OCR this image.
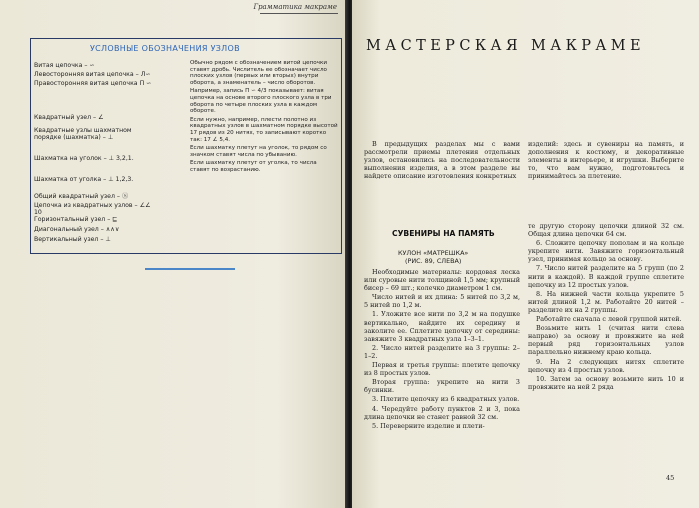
Грамматика макраме
УСЛОВНЫЕ ОБОЗНАЧЕНИЯ УЗЛОВ
Витая цепочка – ∽
Левосторонняя витая цепочка – Л∽
Правосторонняя витая цепочка П ∽
Квадратный узел – ∠
Квадратные узлы шахматном порядке (шахматка) – ⊥
Шахматка на уголок – ⊥ 3,2,1.
Шахматка от уголка – ⊥ 1,2,3.
Общий квадратный узел – Ⓢ
Цепочка из квадратных узлов – ∠∠ 10
Горизонтальный узел – ⊑
Диагональный узел – ∧∧∨
Вертикальный узел – ⊥

Обычно рядом с обозначением витой цепочки ставят дробь. Числитель ее обозначает число плоских узлов (первых или вторых) внутри оборота, а знаменатель – число оборотов.

Например, запись П ∽ 4/3 показывает: витая цепочка на основе второго плоского узла в три оборота по четыре плоских узла в каждом обороте.

Если нужно, например, плести полотно из квадратных узлов в шахматном порядке высотой 17 рядов из 20 нитях, то записывают коротко так: 17 ∠ 5,4.

Если шахматку плетут на уголок, то рядом со значком ставят числа по убыванию.

Если шахматку плетут от уголка, то числа ставят по возрастанию.

МАСТЕРСКАЯ МАКРАМЕ

В предыдущих разделах мы с вами рассмотрели приемы плетения отдельных узлов, остановились на последовательности выполнения изделия, а в этом разделе вы найдете описание изготовления конкретных

изделий: здесь и сувениры на память, и дополнения к костюму, и декоративные элементы в интерьере, и игрушки. Выберите то, что вам нужно, подготовьтесь и принимайтесь за плетение.

СУВЕНИРЫ НА ПАМЯТЬ
КУЛОН «МАТРЕШКА»
(РИС. 89, СЛЕВА)

Необходимые материалы: кордовая леска или суровые нити толщиной 1,5 мм; крупный бисер – 69 шт.; колечко диаметром 1 см.

Число нитей и их длина: 5 нитей по 3,2 м, 5 нитей по 1,2 м.

1. Уложите все нити по 3,2 м на подушке вертикально, найдите их середину и заколите ее. Сплетите цепочку от середины: завяжите 3 квадратных узла 1–3–1.

2. Число нитей разделите на 3 группы: 2–1–2.

Первая и третья группы: плетите цепочку из 8 простых узлов.

Вторая группа: укрепите на нити 3 бусинки.

3. Плетите цепочку из 6 квадратных узлов.

4. Чередуйте работу пунктов 2 и 3, пока длина цепочки не станет равной 32 см.

5. Переверните изделие и плети-

те другую сторону цепочки длиной 32 см. Общая длина цепочки 64 см.

6. Сложите цепочку пополам и на кольце укрепите нити. Завяжите горизонтальный узел, принимая кольцо за основу.

7. Число нитей разделите на 5 групп (по 2 нити в каждой). В каждой группе сплетите цепочку из 12 простых узлов.

8. На нижней части кольца укрепите 5 нитей длиной 1,2 м. Работайте 20 нитей – разделите их на 2 группы.

Работайте сначала с левой группой нитей.

Возьмите нить 1 (считая нити слева направо) за основу и провяжите на ней первый ряд горизонтальных узлов параллельно нижнему краю кольца.

9. На 2 следующих нитях сплетите цепочку из 4 простых узлов.

10. Затем за основу возьмите нить 10 и провяжите на ней 2 ряда

45
